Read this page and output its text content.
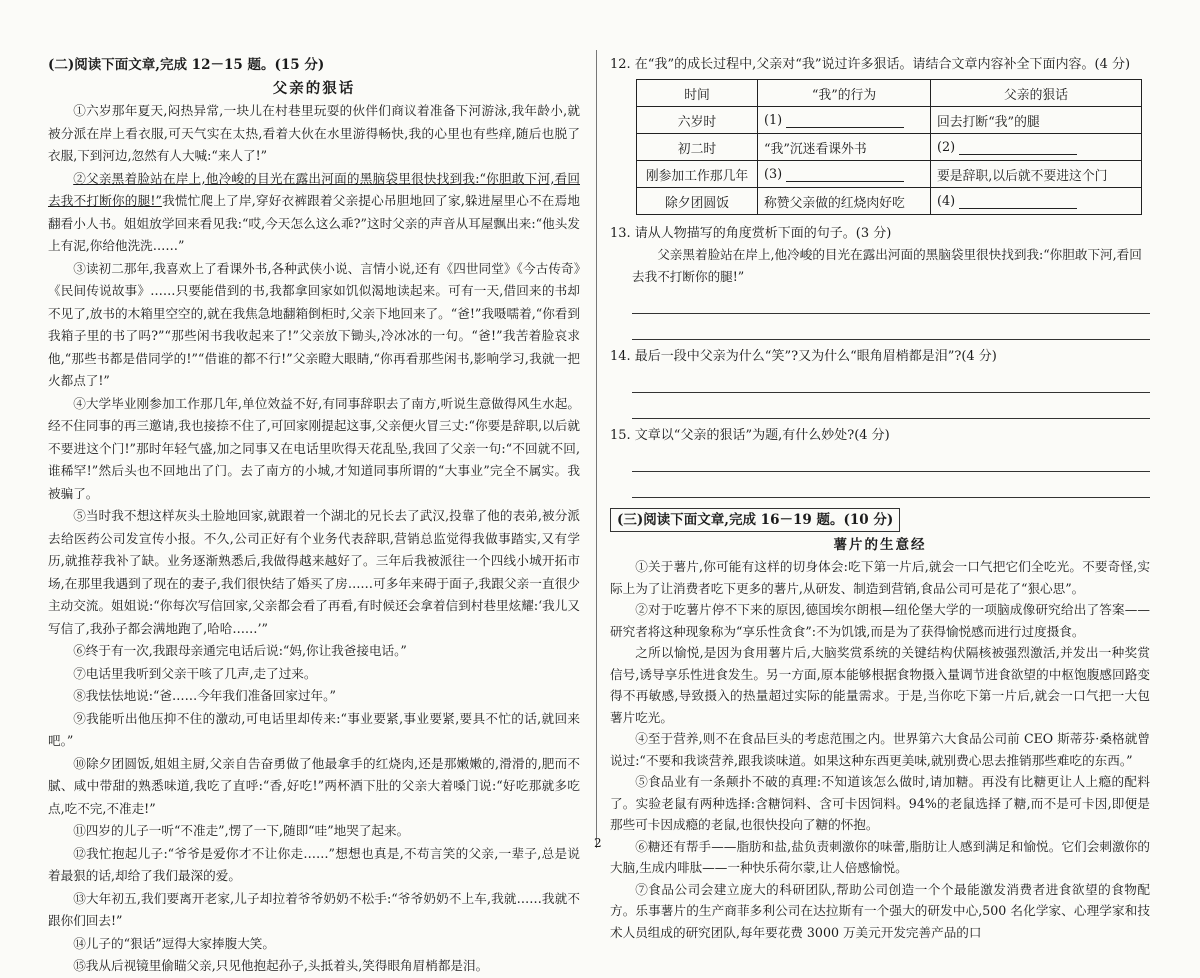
(二)阅读下面文章,完成 12－15 题。(15 分)

父亲的狠话

①六岁那年夏天,闷热异常,一块儿在村巷里玩耍的伙伴们商议着准备下河游泳,我年龄小,就被分派在岸上看衣服,可天气实在太热,看着大伙在水里游得畅快,我的心里也有些痒,随后也脱了衣服,下到河边,忽然有人大喊:“来人了!”

②父亲黑着脸站在岸上,他冷峻的目光在露出河面的黑脑袋里很快找到我:“你胆敢下河,看回去我不打断你的腿!”我慌忙爬上了岸,穿好衣裤跟着父亲提心吊胆地回了家,躲进屋里心不在焉地翻看小人书。姐姐放学回来看见我:“哎,今天怎么这么乖?”这时父亲的声音从耳屋飘出来:“他头发上有泥,你给他洗洗……”

③读初二那年,我喜欢上了看课外书,各种武侠小说、言情小说,还有《四世同堂》《今古传奇》《民间传说故事》……只要能借到的书,我都拿回家如饥似渴地读起来。可有一天,借回来的书却不见了,放书的木箱里空空的,就在我焦急地翻箱倒柜时,父亲下地回来了。“爸!”我嗫嚅着,“你看到我箱子里的书了吗?”“那些闲书我收起来了!”父亲放下锄头,冷冰冰的一句。“爸!”我苦着脸哀求他,“那些书都是借同学的!”“借谁的都不行!”父亲瞪大眼睛,“你再看那些闲书,影响学习,我就一把火都点了!”

④大学毕业刚参加工作那几年,单位效益不好,有同事辞职去了南方,听说生意做得风生水起。经不住同事的再三邀请,我也接捺不住了,可回家刚提起这事,父亲便火冒三丈:“你要是辞职,以后就不要进这个门!”那时年轻气盛,加之同事又在电话里吹得天花乱坠,我回了父亲一句:“不回就不回,谁稀罕!”然后头也不回地出了门。去了南方的小城,才知道同事所谓的“大事业”完全不属实。我被骗了。

⑤当时我不想这样灰头土脸地回家,就跟着一个湖北的兄长去了武汉,投靠了他的表弟,被分派去给医药公司发宣传小报。不久,公司正好有个业务代表辞职,营销总监觉得我做事踏实,又有学历,就推荐我补了缺。业务逐渐熟悉后,我做得越来越好了。三年后我被派往一个四线小城开拓市场,在那里我遇到了现在的妻子,我们很快结了婚买了房……可多年来碍于面子,我跟父亲一直很少主动交流。姐姐说:“你每次写信回家,父亲都会看了再看,有时候还会拿着信到村巷里炫耀:‘我儿又写信了,我孙子都会满地跑了,哈哈……’”

⑥终于有一次,我跟母亲通完电话后说:“妈,你让我爸接电话。”

⑦电话里我听到父亲干咳了几声,走了过来。

⑧我怯怯地说:“爸……今年我们准备回家过年。”

⑨我能听出他压抑不住的激动,可电话里却传来:“事业要紧,事业要紧,要具不忙的话,就回来吧。”

⑩除夕团圆饭,姐姐主厨,父亲自告奋勇做了他最拿手的红烧肉,还是那嫩嫩的,滑滑的,肥而不腻、咸中带甜的熟悉味道,我吃了直呼:“香,好吃!”两杯酒下肚的父亲大着嗓门说:“好吃那就多吃点,吃不完,不准走!”

⑪四岁的儿子一听“不准走”,愣了一下,随即“哇”地哭了起来。

⑫我忙抱起儿子:“爷爷是爱你才不让你走……”想想也真是,不苟言笑的父亲,一辈子,总是说着最狠的话,却给了我们最深的爱。

⑬大年初五,我们要离开老家,儿子却拉着爷爷奶奶不松手:“爷爷奶奶不上车,我就……我就不跟你们回去!”

⑭儿子的“狠话”逗得大家捧腹大笑。

⑮我从后视镜里偷瞄父亲,只见他抱起孙子,头抵着头,笑得眼角眉梢都是泪。

12. 在“我”的成长过程中,父亲对“我”说过许多狠话。请结合文章内容补全下面内容。(4 分)

时间	“我”的行为	父亲的狠话
六岁时	(1)	回去打断“我”的腿
初二时	“我”沉迷看课外书	(2)
刚参加工作那几年	(3)	要是辞职,以后就不要进这个门
除夕团圆饭	称赞父亲做的红烧肉好吃	(4)

13. 请从人物描写的角度赏析下面的句子。(3 分)

父亲黑着脸站在岸上,他冷峻的目光在露出河面的黑脑袋里很快找到我:“你胆敢下河,看回去我不打断你的腿!”

14. 最后一段中父亲为什么“笑”?又为什么“眼角眉梢都是泪”?(4 分)

15. 文章以“父亲的狠话”为题,有什么妙处?(4 分)

(三)阅读下面文章,完成 16－19 题。(10 分)

薯片的生意经

①关于薯片,你可能有这样的切身体会:吃下第一片后,就会一口气把它们全吃光。不要奇怪,实际上为了让消费者吃下更多的薯片,从研发、制造到营销,食品公司可是花了“狠心思”。

②对于吃薯片停不下来的原因,德国埃尔朗根—纽伦堡大学的一项脑成像研究给出了答案——研究者将这种现象称为“享乐性贪食”:不为饥饿,而是为了获得愉悦感而进行过度摄食。

之所以愉悦,是因为食用薯片后,大脑奖赏系统的关键结构伏隔核被强烈激活,并发出一种奖赏信号,诱导享乐性进食发生。另一方面,原本能够根据食物摄入量调节进食欲望的中枢饱腹感回路变得不再敏感,导致摄入的热量超过实际的能量需求。于是,当你吃下第一片后,就会一口气把一大包薯片吃光。

④至于营养,则不在食品巨头的考虑范围之内。世界第六大食品公司前 CEO 斯蒂芬·桑格就曾说过:“不要和我谈营养,跟我谈味道。如果这种东西更美味,就别费心思去推销那些难吃的东西。”

⑤食品业有一条颠扑不破的真理:不知道该怎么做时,请加糖。再没有比糖更让人上瘾的配料了。实验老鼠有两种选择:含糖饲料、含可卡因饲料。94%的老鼠选择了糖,而不是可卡因,即便是那些可卡因成瘾的老鼠,也很快投向了糖的怀抱。

⑥糖还有帮手——脂肪和盐,盐负责刺激你的味蕾,脂肪让人感到满足和愉悦。它们会刺激你的大脑,生成内啡肽——一种快乐荷尔蒙,让人倍感愉悦。

⑦食品公司会建立庞大的科研团队,帮助公司创造一个个最能激发消费者进食欲望的食物配方。乐事薯片的生产商菲多利公司在达拉斯有一个强大的研发中心,500 名化学家、心理学家和技术人员组成的研究团队,每年要花费 3000 万美元开发完善产品的口

2
